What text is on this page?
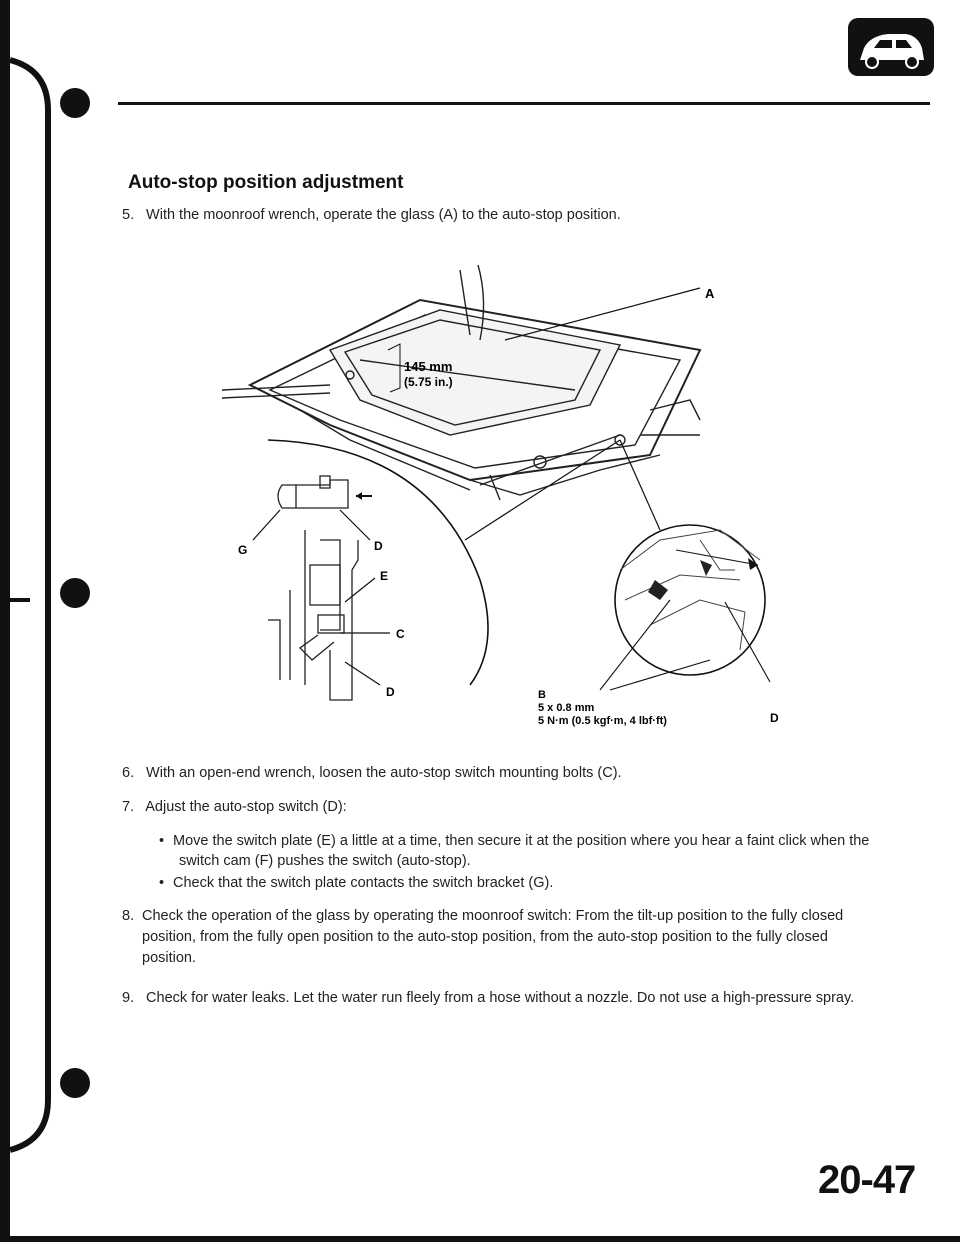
Auto-stop position adjustment
5. With the moonroof wrench, operate the glass (A) to the auto-stop position.
A
145 mm
(5.75 in.)
G	D
E
C
D	B
5 x 0.8 mm
5 N·m (0.5 kgf·m, 4 lbf·ft)	D
6. With an open-end wrench, loosen the auto-stop switch mounting bolts (C).
7. Adjust the auto-stop switch (D):
• Move the switch plate (E) a little at a time, then secure it at the position where you hear a faint click when the
switch cam (F) pushes the switch (auto-stop).
• Check that the switch plate contacts the switch bracket (G).
8. Check the operation of the glass by operating the moonroof switch: From the tilt-up position to the fully closed
position, from the fully open position to the auto-stop position, from the auto-stop position to the fully closed
position.
9. Check for water leaks. Let the water run fleely from a hose without a nozzle. Do not use a high-pressure spray.
20-47
